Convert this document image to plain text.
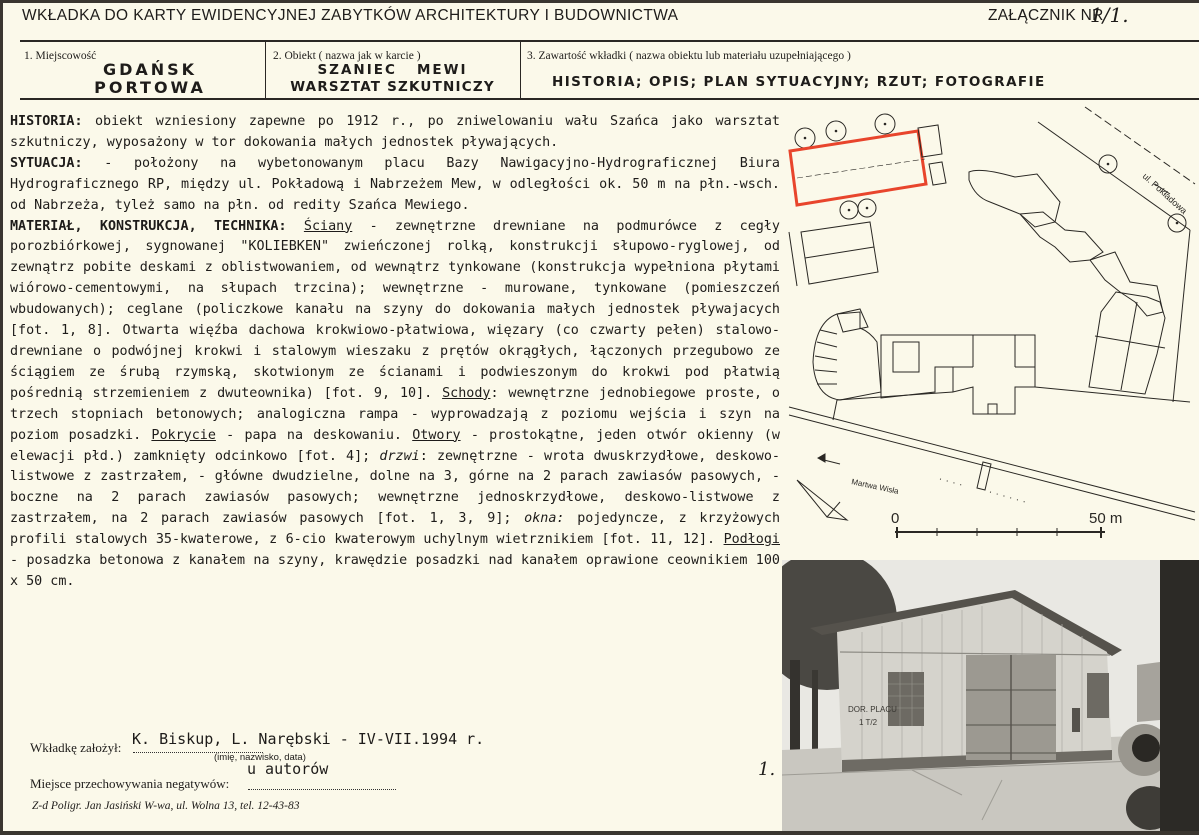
WKŁADKA DO KARTY EWIDENCYJNEJ ZABYTKÓW ARCHITEKTURY I BUDOWNICTWA	ZAŁĄCZNIK NR
1/1.
1. Miejscowość
GDAŃSK
PORTOWA
2. Obiekt ( nazwa jak w karcie )
SZANIEC   MEWI
WARSZTAT SZKUTNICZY
3. Zawartość wkładki ( nazwa obiektu lub materiału uzupełniającego )
HISTORIA; OPIS; PLAN SYTUACYJNY; RZUT; FOTOGRAFIE

HISTORIA: obiekt wzniesiony zapewne po 1912 r., po zniwelowaniu wału Szańca jako warsztat szkutniczy, wyposażony w tor dokowania małych jednostek pływających.

SYTUACJA: - położony na wybetonowanym placu Bazy Nawigacyjno-Hydrograficznej Biura Hydrograficznego RP, między ul. Pokładową i Nabrzeżem Mew, w odległości ok. 50 m na płn.-wsch. od Nabrzeża, tyleż samo na płn. od redity Szańca Mewiego.

MATERIAŁ, KONSTRUKCJA, TECHNIKA: Ściany - zewnętrzne drewniane na podmurówce z cegły porozbiórkowej, sygnowanej "KOLIEBKEN" zwieńczonej rolką, konstrukcji słupowo-ryglowej, od zewnątrz pobite deskami z oblistwowaniem, od wewnątrz tynkowane (konstrukcja wypełniona płytami wiórowo-cementowymi, na słupach trzcina); wewnętrzne - murowane, tynkowane (pomieszczeń wbudowanych); ceglane (policzkowe kanału na szyny do dokowania małych jednostek pływajacych [fot. 1, 8]. Otwarta więźba dachowa krokwiowo-płatwiowa, więzary (co czwarty pełen) stalowo-drewniane o podwójnej krokwi i stalowym wieszaku z prętów okrągłych, łączonych przegubowo ze ściągiem ze śrubą rzymską, skotwionym ze ścianami i podwieszonym do krokwi pod płatwią pośrednią strzemieniem z dwuteownika) [fot. 9, 10]. Schody: wewnętrzne jednobiegowe proste, o trzech stopniach betonowych; analogiczna rampa - wyprowadzają z poziomu wejścia i szyn na poziom posadzki. Pokrycie - papa na deskowaniu. Otwory - prostokątne, jeden otwór okienny (w elewacji płd.) zamknięty odcinkowo [fot. 4]; drzwi: zewnętrzne - wrota dwuskrzydłowe, deskowo-listwowe z zastrzałem, - główne dwudzielne, dolne na 3, górne na 2 parach zawiasów pasowych, - boczne na 2 parach zawiasów pasowych; wewnętrzne jednoskrzydłowe, deskowo-listwowe z zastrzałem, na 2 parach zawiasów pasowych [fot. 1, 3, 9]; okna: pojedyncze, z krzyżowych profili stalowych 35-kwaterowe, z 6-cio kwaterowym uchylnym wietrznikiem [fot. 11, 12]. Podłogi - posadzka betonowa z kanałem na szyny, krawędzie posadzki nad kanałem oprawione ceownikiem 100 x 50 cm.

ul. Pokładowa
Martwa Wisła
0	50 m
DOR. PLACU
1 T/2
Wkładkę założył: K. Biskup, L. Narębski - IV-VII.1994 r.
(imię, nazwisko, data)
u autorów
Miejsce przechowywania negatywów:
Z-d Poligr. Jan Jasiński W-wa, ul. Wolna 13, tel. 12-43-83
1.
